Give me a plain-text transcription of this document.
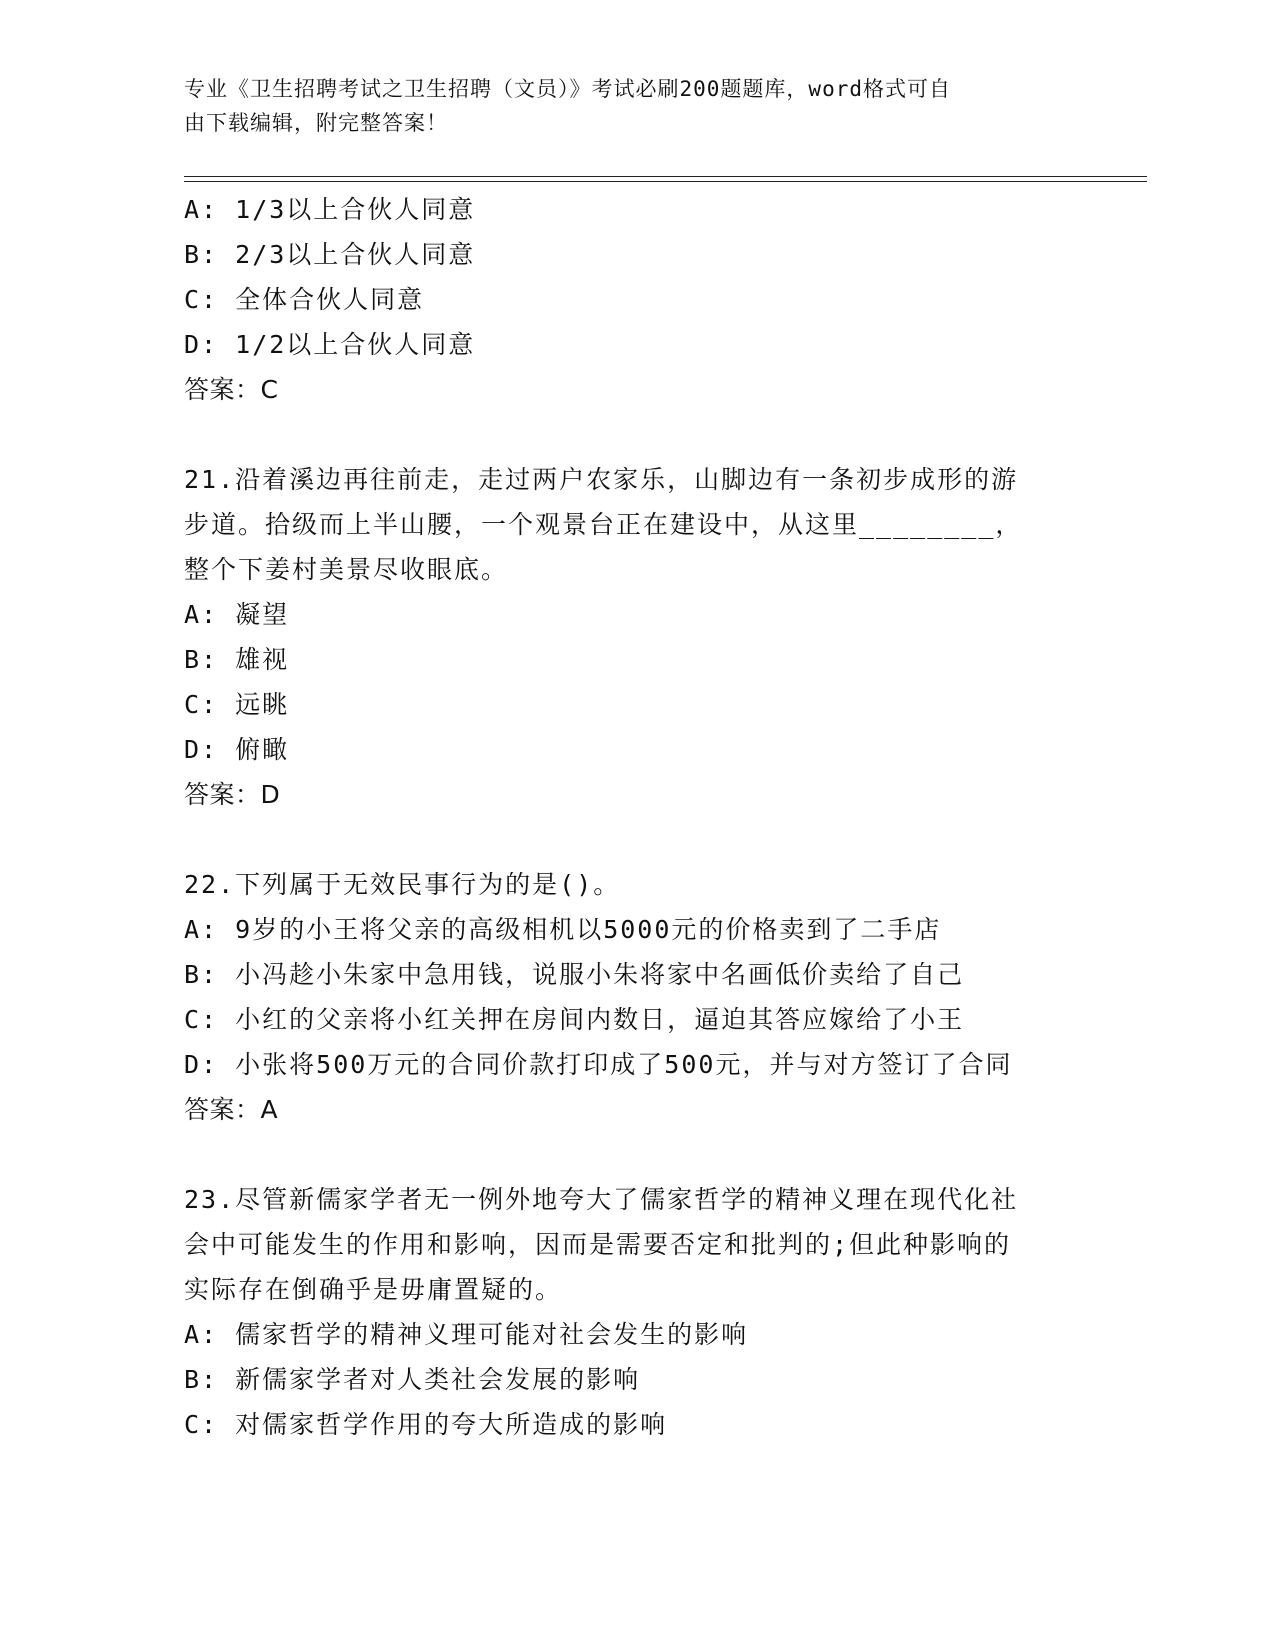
专业《卫生招聘考试之卫生招聘（文员）》考试必刷200题题库，word格式可自
由下载编辑，附完整答案！
A: 1/3以上合伙人同意
B: 2/3以上合伙人同意
C: 全体合伙人同意
D: 1/2以上合伙人同意
答案：C
21.沿着溪边再往前走，走过两户农家乐，山脚边有一条初步成形的游
步道。拾级而上半山腰，一个观景台正在建设中，从这里________，
整个下姜村美景尽收眼底。
A: 凝望
B: 雄视
C: 远眺
D: 俯瞰
答案：D
22.下列属于无效民事行为的是()。
A: 9岁的小王将父亲的高级相机以5000元的价格卖到了二手店
B: 小冯趁小朱家中急用钱，说服小朱将家中名画低价卖给了自己
C: 小红的父亲将小红关押在房间内数日，逼迫其答应嫁给了小王
D: 小张将500万元的合同价款打印成了500元，并与对方签订了合同
答案：A
23.尽管新儒家学者无一例外地夸大了儒家哲学的精神义理在现代化社
会中可能发生的作用和影响，因而是需要否定和批判的;但此种影响的
实际存在倒确乎是毋庸置疑的。
A: 儒家哲学的精神义理可能对社会发生的影响
B: 新儒家学者对人类社会发展的影响
C: 对儒家哲学作用的夸大所造成的影响
